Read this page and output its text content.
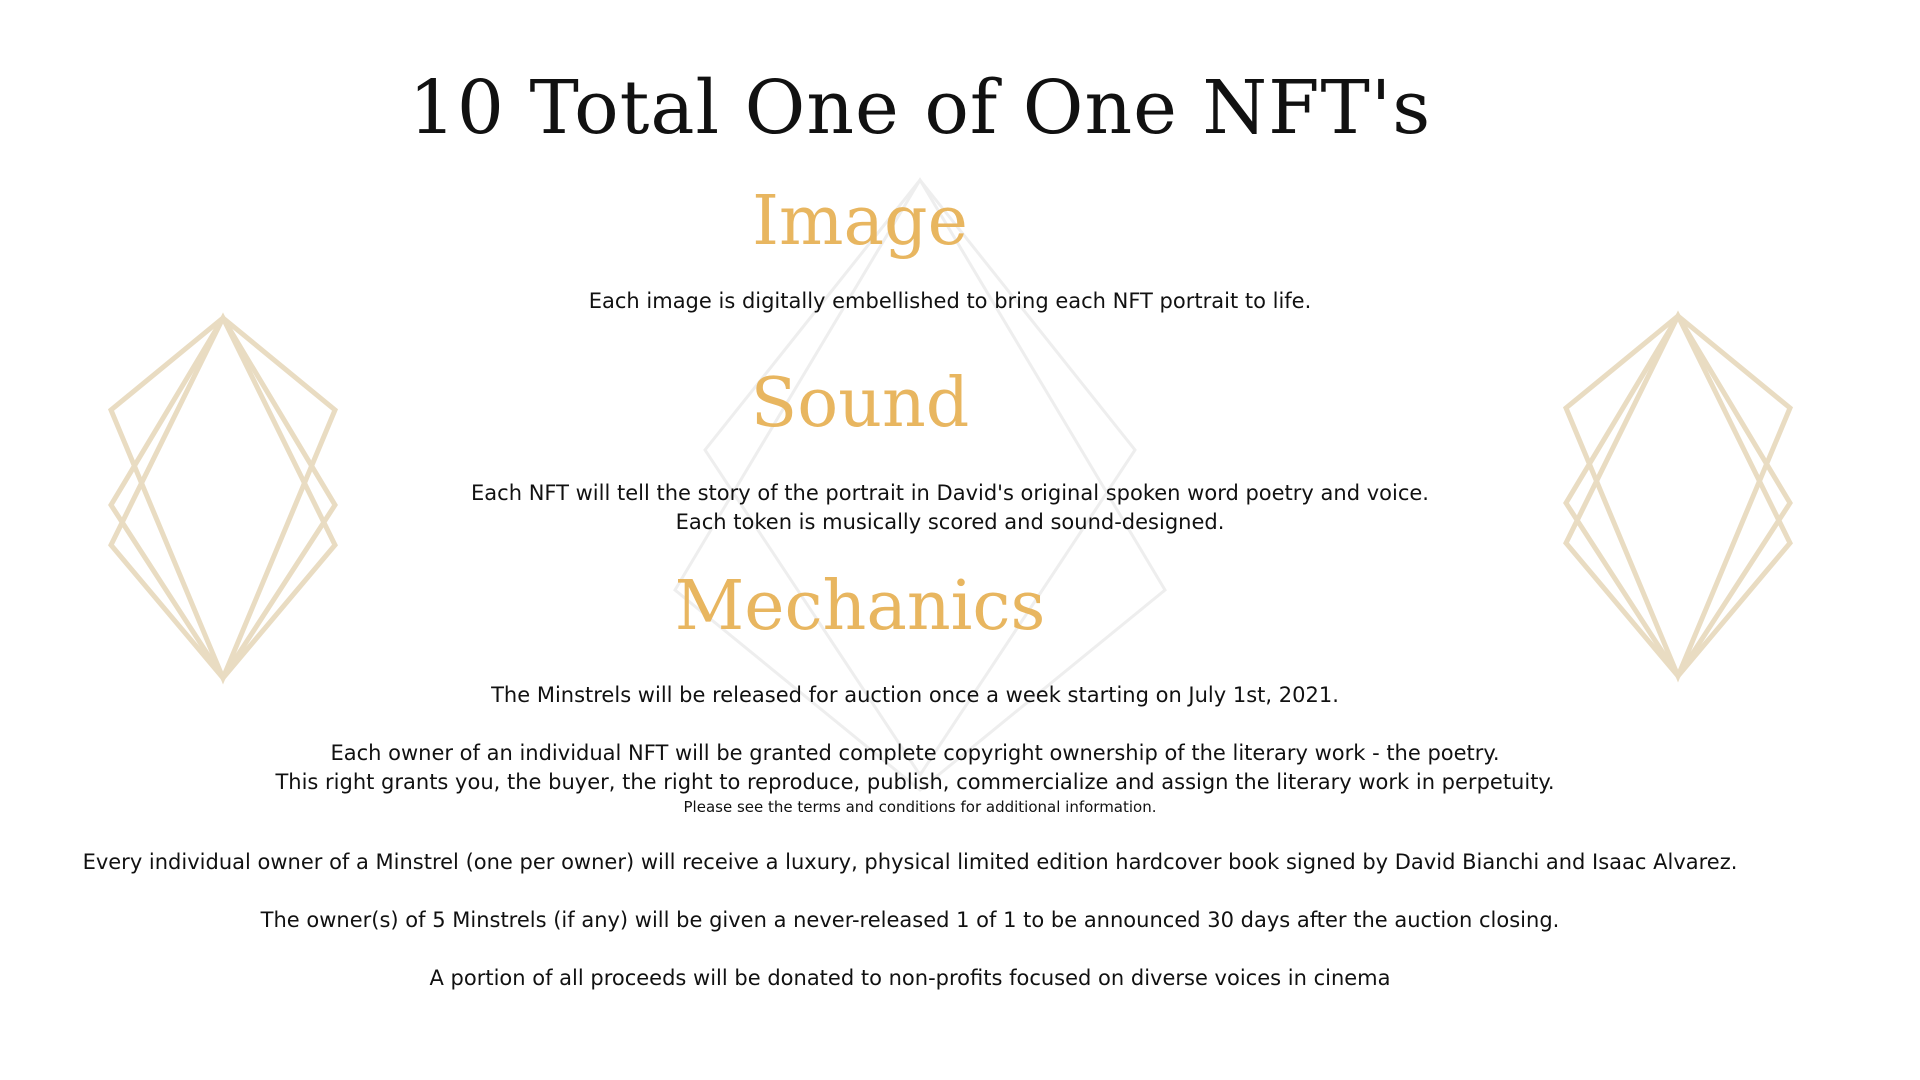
10 Total One of One NFT's
Image

Each image is digitally embellished to bring each NFT portrait to life.

Sound

Each NFT will tell the story of the portrait in David's original spoken word poetry and voice.

Each token is musically scored and sound-designed.

Mechanics

The Minstrels will be released for auction once a week starting on July 1st, 2021.

Each owner of an individual NFT will be granted complete copyright ownership of the literary work - the poetry.

This right grants you, the buyer, the right to reproduce, publish, commercialize and assign the literary work in perpetuity.

Please see the terms and conditions for additional information.

Every individual owner of a Minstrel (one per owner) will receive a luxury, physical limited edition hardcover book signed by David Bianchi and Isaac Alvarez.

The owner(s) of 5 Minstrels (if any) will be given a never-released 1 of 1 to be announced 30 days after the auction closing.

A portion of all proceeds will be donated to non-profits focused on diverse voices in cinema
